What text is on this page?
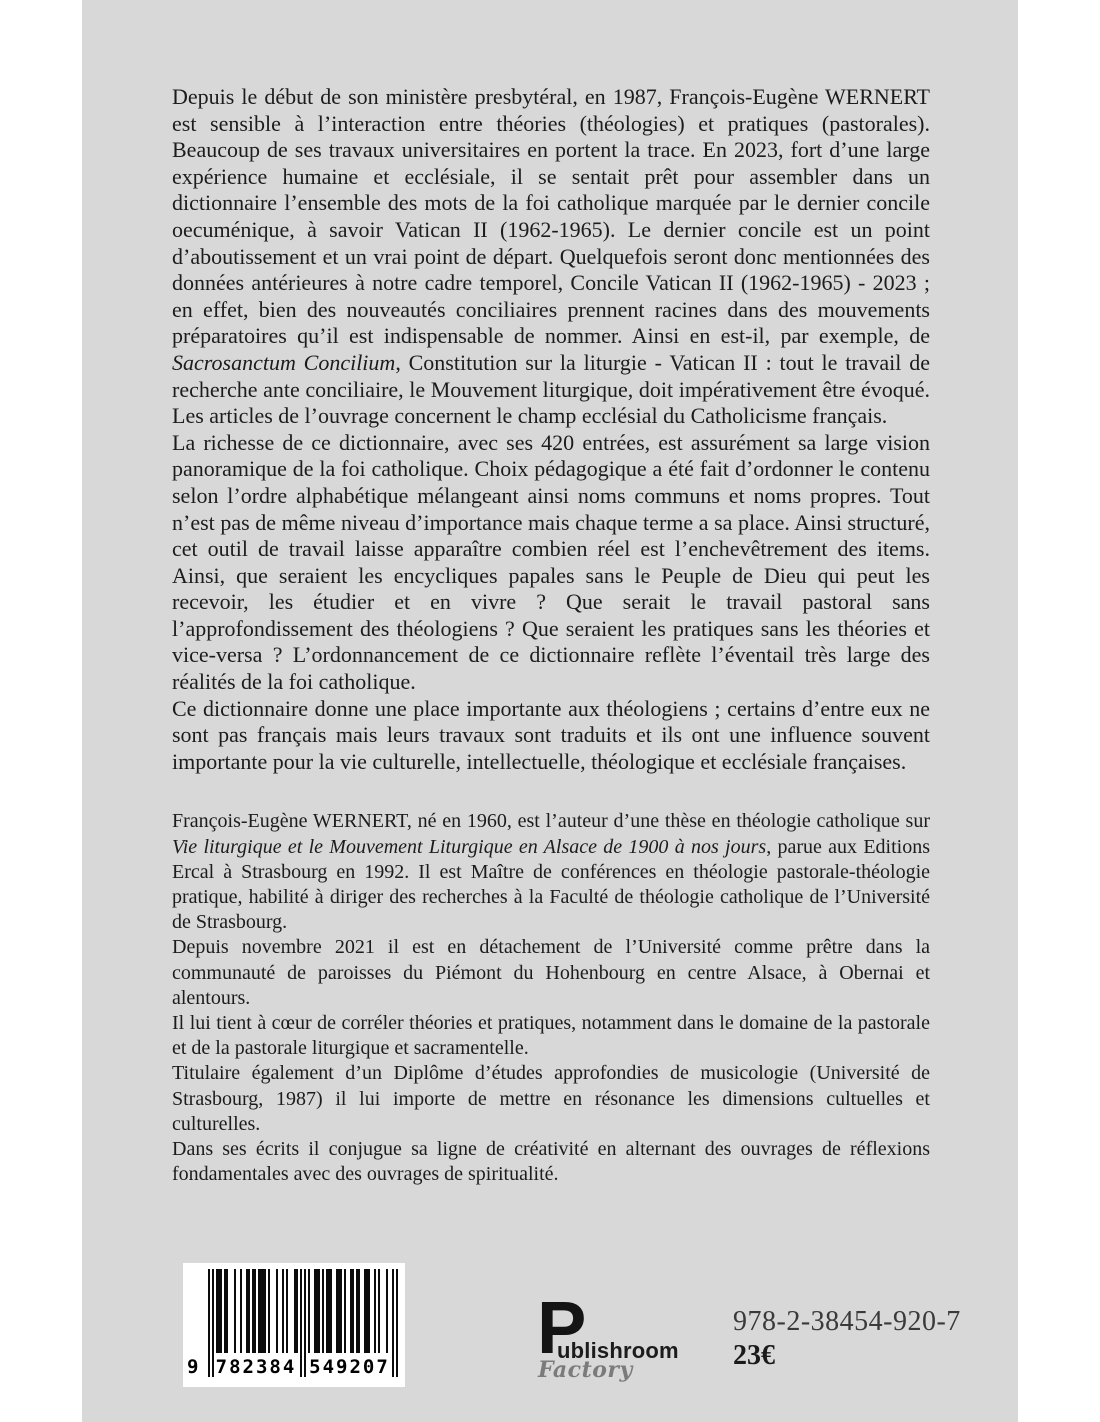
Depuis le début de son ministère presbytéral, en 1987, François-Eugène WERNERT est sensible à l’interaction entre théories (théologies) et pratiques (pastorales). Beaucoup de ses travaux universitaires en portent la trace. En 2023, fort d’une large expérience humaine et ecclésiale, il se sentait prêt pour assembler dans un dictionnaire l’ensemble des mots de la foi catholique marquée par le dernier concile oecuménique, à savoir Vatican II (1962-1965). Le dernier concile est un point d’aboutissement et un vrai point de départ. Quelquefois seront donc mentionnées des données antérieures à notre cadre temporel, Concile Vatican II (1962-1965) - 2023 ; en effet, bien des nouveautés conciliaires prennent racines dans des mouvements préparatoires qu’il est indispensable de nommer. Ainsi en est-il, par exemple, de Sacrosanctum Concilium, Constitution sur la liturgie - Vatican II : tout le travail de recherche ante conciliaire, le Mouvement liturgique, doit impérativement être évoqué. Les articles de l’ouvrage concernent le champ ecclésial du Catholicisme français.

La richesse de ce dictionnaire, avec ses 420 entrées, est assurément sa large vision panoramique de la foi catholique. Choix pédagogique a été fait d’ordonner le contenu selon l’ordre alphabétique mélangeant ainsi noms communs et noms propres. Tout n’est pas de même niveau d’importance mais chaque terme a sa place. Ainsi structuré, cet outil de travail laisse apparaître combien réel est l’enchevêtrement des items. Ainsi, que seraient les encycliques papales sans le Peuple de Dieu qui peut les recevoir, les étudier et en vivre ? Que serait le travail pastoral sans l’approfondissement des théologiens ? Que seraient les pratiques sans les théories et vice-versa ? L’ordonnancement de ce dictionnaire reflète l’éventail très large des réalités de la foi catholique.

Ce dictionnaire donne une place importante aux théologiens ; certains d’entre eux ne sont pas français mais leurs travaux sont traduits et ils ont une influence souvent importante pour la vie culturelle, intellectuelle, théologique et ecclésiale françaises.

François-Eugène WERNERT, né en 1960, est l’auteur d’une thèse en théologie catholique sur Vie liturgique et le Mouvement Liturgique en Alsace de 1900 à nos jours, parue aux Editions Ercal à Strasbourg en 1992. Il est Maître de conférences en théologie pastorale-théologie pratique, habilité à diriger des recherches à la Faculté de théologie catholique de l’Université de Strasbourg.

Depuis novembre 2021 il est en détachement de l’Université comme prêtre dans la communauté de paroisses du Piémont du Hohenbourg en centre Alsace, à Obernai et alentours.

Il lui tient à cœur de corréler théories et pratiques, notamment dans le domaine de la pastorale et de la pastorale liturgique et sacramentelle.

Titulaire également d’un Diplôme d’études approfondies de musicologie (Université de Strasbourg, 1987) il lui importe de mettre en résonance les dimensions cultuelles et culturelles.

Dans ses écrits il conjugue sa ligne de créativité en alternant des ouvrages de réflexions fondamentales avec des ouvrages de spiritualité.

9 782384 549207 P
ublishroom
Factory
978-2-38454-920-7
23€
